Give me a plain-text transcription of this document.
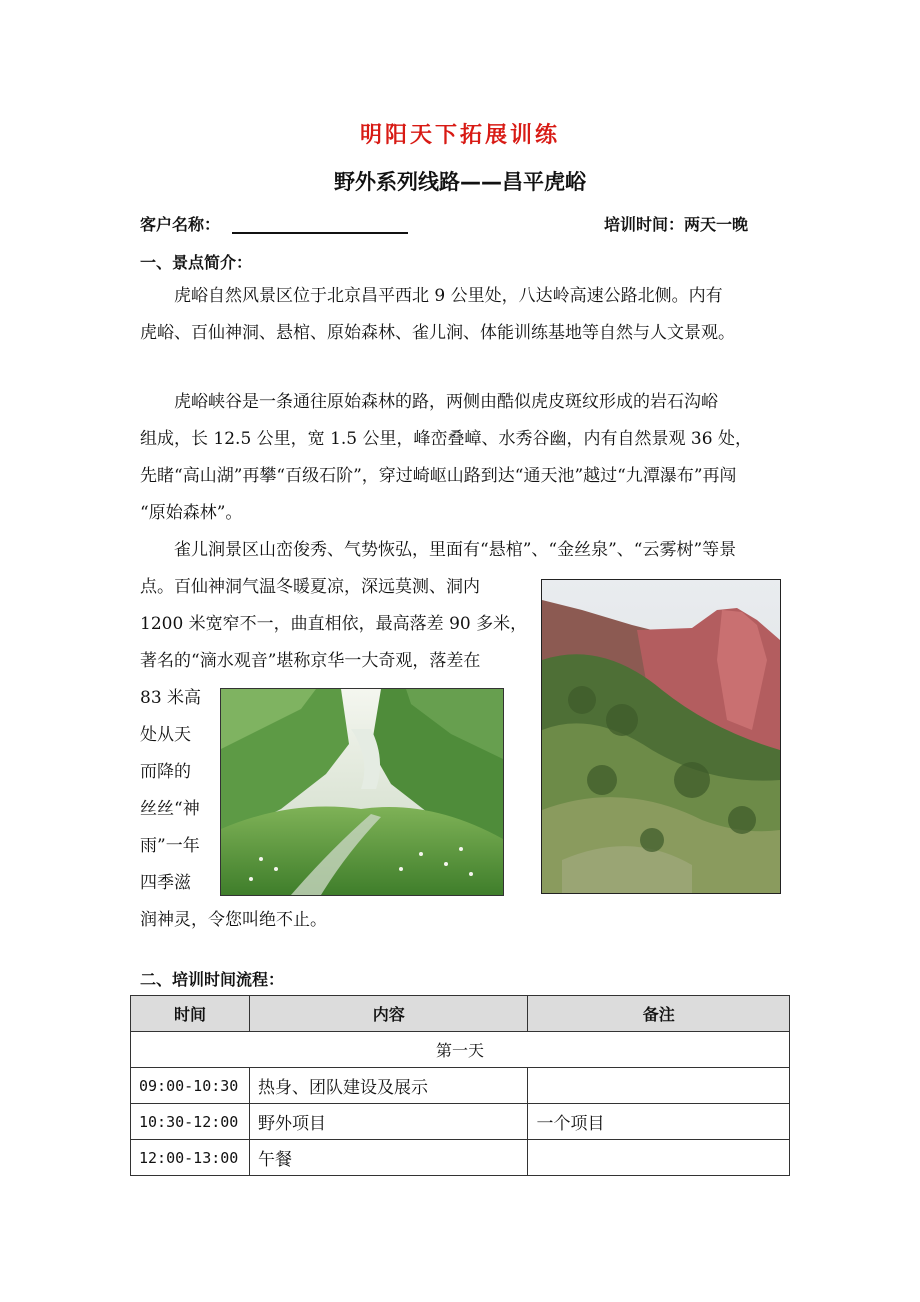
明阳天下拓展训练
野外系列线路——昌平虎峪
客户名称：	培训时间：两天一晚
一、景点简介：
　　虎峪自然风景区位于北京昌平西北 9 公里处，八达岭高速公路北侧。内有
虎峪、百仙神洞、悬棺、原始森林、雀儿涧、体能训练基地等自然与人文景观。
　　虎峪峡谷是一条通往原始森林的路，两侧由酷似虎皮斑纹形成的岩石沟峪
组成，长 12.5 公里，宽 1.5 公里，峰峦叠嶂、水秀谷幽，内有自然景观 36 处，
先睹“高山湖”再攀“百级石阶”，穿过崎岖山路到达“通天池”越过“九潭瀑布”再闯
“原始森林”。
　　雀儿涧景区山峦俊秀、气势恢弘，里面有“悬棺”、“金丝泉”、“云雾树”等景
点。百仙神洞气温冬暖夏凉，深远莫测、洞内
1200 米宽窄不一，曲直相依，最高落差 90 多米，
著名的“滴水观音”堪称京华一大奇观，落差在
83 米高
处从天
而降的
丝丝“神
雨”一年
四季滋
润神灵，令您叫绝不止。
二、培训时间流程：
时间	内容	备注
第一天		
09:00-10:30	热身、团队建设及展示	
10:30-12:00	野外项目	一个项目
12:00-13:00	午餐	
